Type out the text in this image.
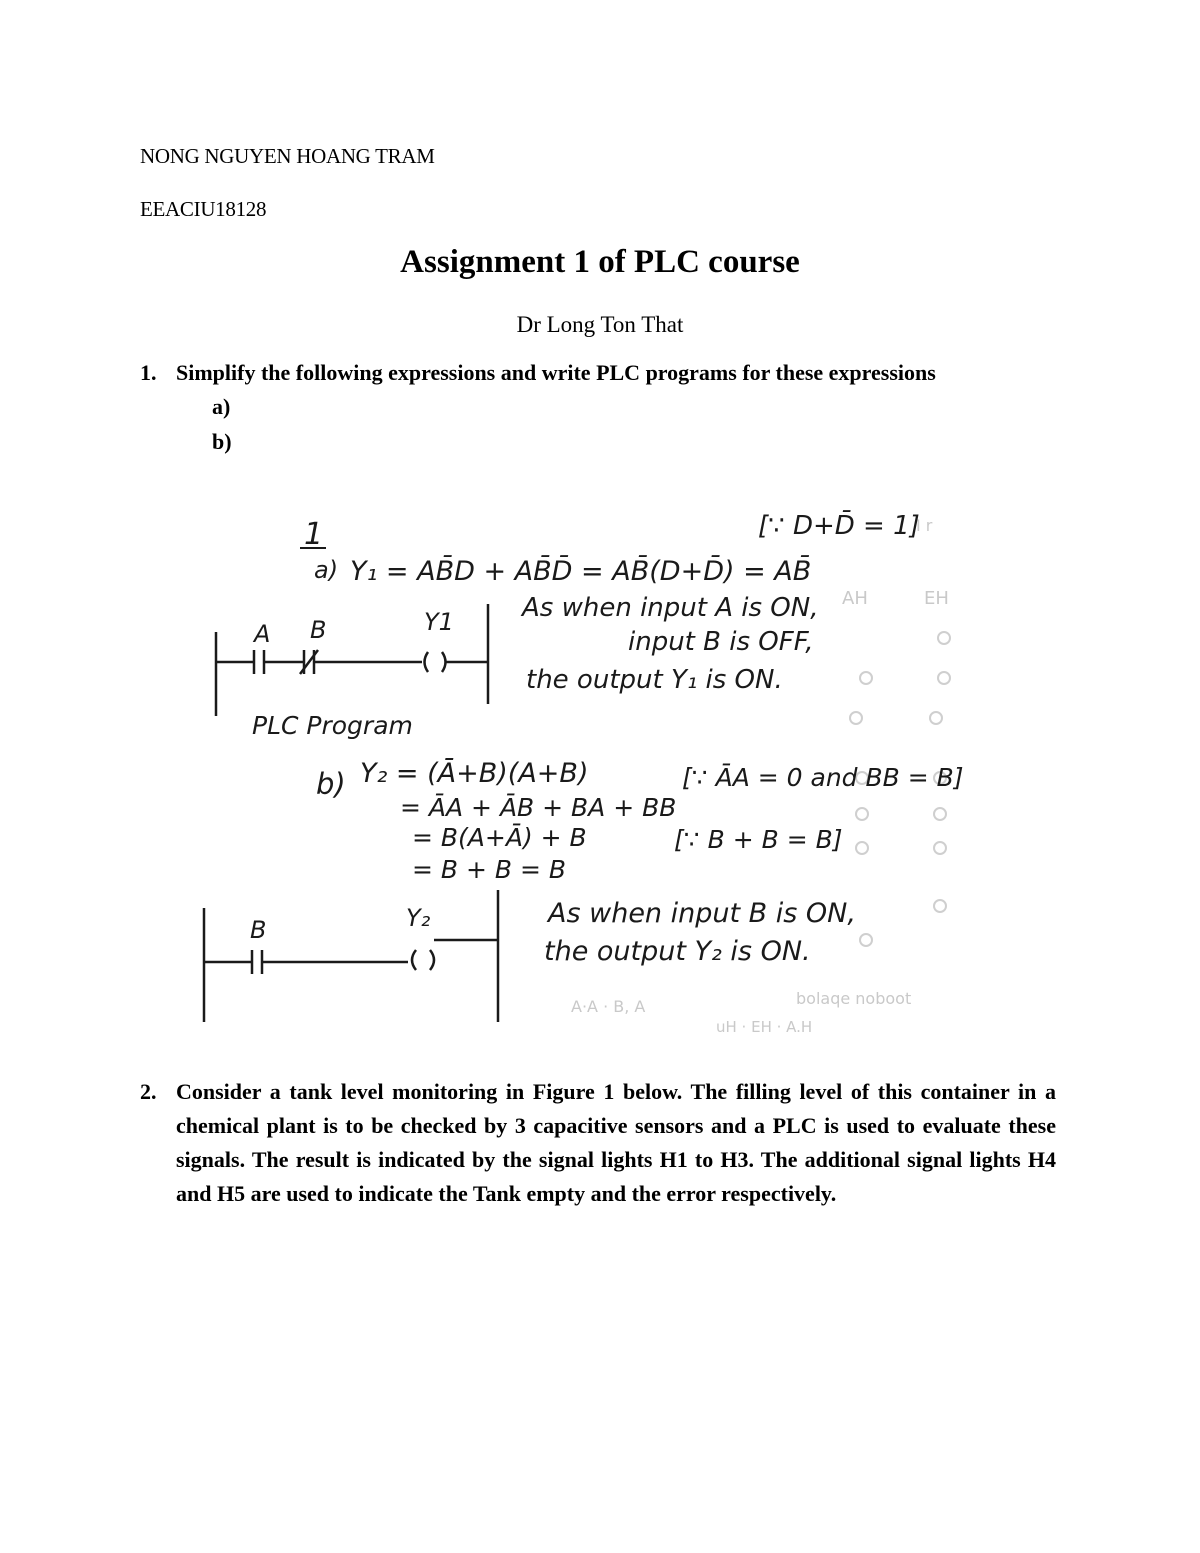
NONG NGUYEN HOANG TRAM
EEACIU18128
Assignment 1 of PLC course
Dr Long Ton That
1. Simplify the following expressions and write PLC programs for these expressions
a)
b)
I r
AH	EH
bolaqe noboot
A·A · B, A
uH · EH · A.H
1
a) Y₁ = AB̄D + AB̄D̄ = AB̄(D+D̄) = AB̄
[∵ D+D̄ = 1]
A B	Y1	As when input A is ON,
input B is OFF,
the output Y₁ is ON.
PLC Program
b) Y₂ = (Ā+B)(A+B)
= ĀA + ĀB + BA + BB
= B(A+Ā) + B
= B + B = B
[∵ ĀA = 0 and BB = B]
[∵ B + B = B]
B	Y₂	As when input B is ON,
the output Y₂ is ON.
2. Consider a tank level monitoring in Figure 1 below. The filling level of this container in a chemical plant is to be checked by 3 capacitive sensors and a PLC is used to evaluate these signals. The result is indicated by the signal lights H1 to H3. The additional signal lights H4 and H5 are used to indicate the Tank empty and the error respectively.
